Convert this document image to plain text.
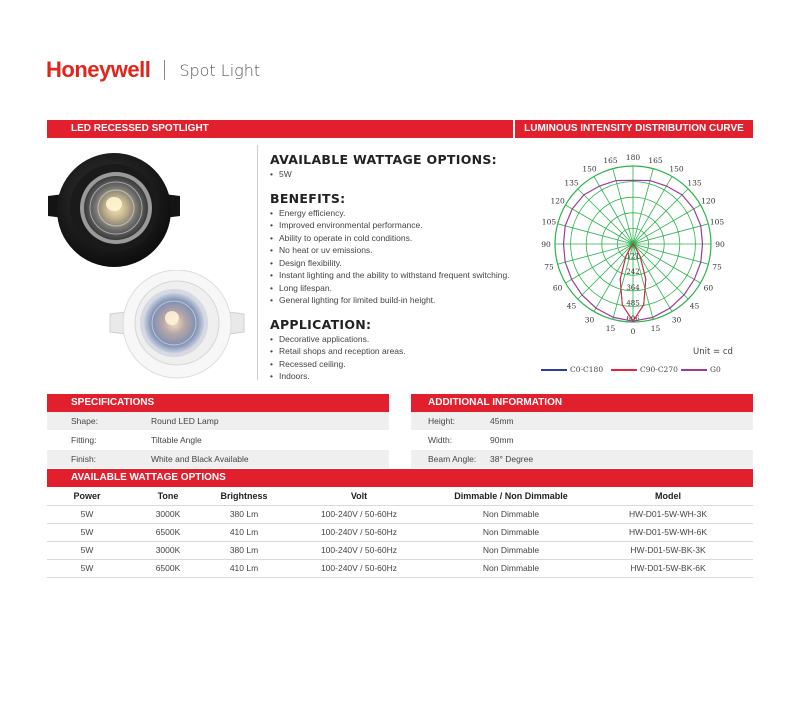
Honeywell Spot Light
LED RECESSED SPOTLIGHT	LUMINOUS INTENSITY DISTRIBUTION CURVE
AVAILABLE WATTAGE OPTIONS:
• 5W
BENEFITS:
• Energy efficiency.
• Improved environmental performance.
• Ability to operate in cold conditions.
• No heat or uv emissions.
• Design flexibility.
• Instant lighting and the ability to withstand frequent switching.
• Long lifespan.
• General lighting for limited build-in height.
APPLICATION:
• Decorative applications.
• Retail shops and reception areas.
• Recessed ceiling.
• Indoors.
180 165
150
135
120
105
90
75
60
45
30
15
0
15
30
45
60
75
90
105
120
135
150
165
121
242
364
485
606
Unit = cd
C0-C180	C90-C270	G0
SPECIFICATIONS
Shape:	Round LED Lamp
Fitting:	Tiltable Angle
Finish:	White and Black Available
ADDITIONAL INFORMATION
Height:	45mm
Width:	90mm
Beam Angle: 38° Degree
AVAILABLE WATTAGE OPTIONS
Power	Tone	Brightness	Volt	Dimmable / Non Dimmable	Model
5W	3000K	380 Lm	100-240V / 50-60Hz	Non Dimmable	HW-D01-5W-WH-3K
5W	6500K	410 Lm	100-240V / 50-60Hz	Non Dimmable	HW-D01-5W-WH-6K
5W	3000K	380 Lm	100-240V / 50-60Hz	Non Dimmable	HW-D01-5W-BK-3K
5W	6500K	410 Lm	100-240V / 50-60Hz	Non Dimmable	HW-D01-5W-BK-6K
